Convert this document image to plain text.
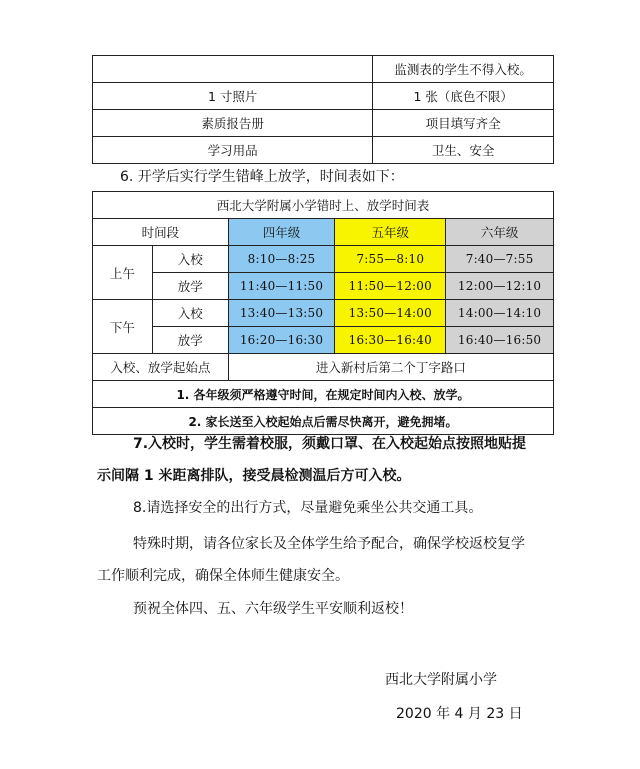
	监测表的学生不得入校。
1 寸照片	1 张（底色不限）
素质报告册	项目填写齐全
学习用品	卫生、安全
6. 开学后实行学生错峰上放学，时间表如下：
西北大学附属小学错时上、放学时间表				
时间段		四年级	五年级	六年级
上午	入校	8:10—8:25	7:55—8:10	7:40—7:55
	放学	11:40—11:50	11:50—12:00	12:00—12:10
下午	入校	13:40—13:50	13:50—14:00	14:00—14:10
	放学	16:20—16:30	16:30—16:40	16:40—16:50
入校、放学起始点		进入新村后第二个丁字路口		
1. 各年级须严格遵守时间，在规定时间内入校、放学。				
2. 家长送至入校起始点后需尽快离开，避免拥堵。				
7.入校时，学生需着校服，须戴口罩、在入校起始点按照地贴提
示间隔 1 米距离排队，接受晨检测温后方可入校。
8.请选择安全的出行方式，尽量避免乘坐公共交通工具。
特殊时期，请各位家长及全体学生给予配合，确保学校返校复学
工作顺利完成，确保全体师生健康安全。
预祝全体四、五、六年级学生平安顺利返校！
西北大学附属小学
2020 年 4 月 23 日
